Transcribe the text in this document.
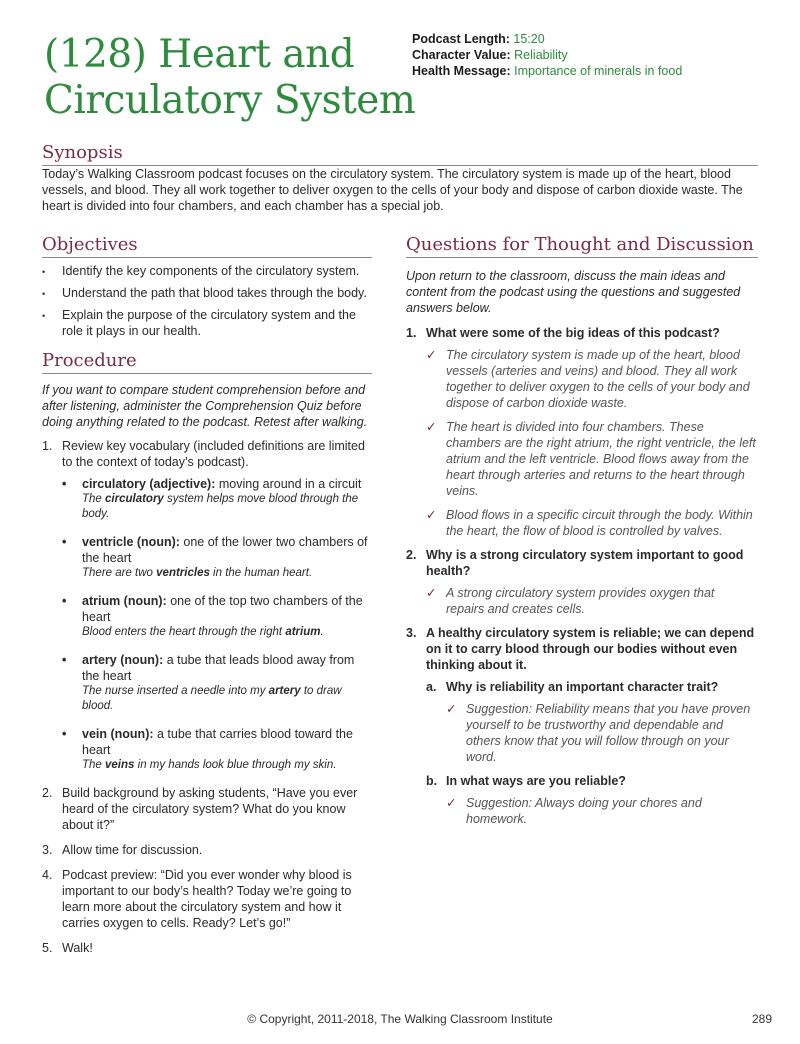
(128) Heart and
Circulatory System
Podcast Length: 15:20
Character Value: Reliability
Health Message: Importance of minerals in food
Synopsis

Today’s Walking Classroom podcast focuses on the circulatory system. The circulatory system is made up of the heart, blood vessels, and blood. They all work together to deliver oxygen to the cells of your body and dispose of carbon dioxide waste. The heart is divided into four chambers, and each chamber has a special job.

Objectives
• Identify the key components of the circulatory system.
• Understand the path that blood takes through the body.
• Explain the purpose of the circulatory system and the role it plays in our health.
Procedure

If you want to compare student comprehension before and after listening, administer the Comprehension Quiz before doing anything related to the podcast. Retest after walking.

1. Review key vocabulary (included definitions are limited to the context of today’s podcast).
• circulatory (adjective): moving around in a circuit
The circulatory system helps move blood through the body.
• ventricle (noun): one of the lower two chambers of the heart
There are two ventricles in the human heart.
• atrium (noun): one of the top two chambers of the heart
Blood enters the heart through the right atrium.
• artery (noun): a tube that leads blood away from the heart
The nurse inserted a needle into my artery to draw blood.
• vein (noun): a tube that carries blood toward the heart
The veins in my hands look blue through my skin.
2. Build background by asking students, “Have you ever heard of the circulatory system? What do you know about it?”
3. Allow time for discussion.
4. Podcast preview: “Did you ever wonder why blood is important to our body’s health? Today we’re going to learn more about the circulatory system and how it carries oxygen to cells. Ready? Let’s go!”
5. Walk!
Questions for Thought and Discussion

Upon return to the classroom, discuss the main ideas and content from the podcast using the questions and suggested answers below.

1. What were some of the big ideas of this podcast?
✓ The circulatory system is made up of the heart, blood vessels (arteries and veins) and blood. They all work together to deliver oxygen to the cells of your body and dispose of carbon dioxide waste.
✓ The heart is divided into four chambers. These chambers are the right atrium, the right ventricle, the left atrium and the left ventricle. Blood flows away from the heart through arteries and returns to the heart through veins.
✓ Blood flows in a specific circuit through the body. Within the heart, the flow of blood is controlled by valves.
2. Why is a strong circulatory system important to good health?
✓ A strong circulatory system provides oxygen that repairs and creates cells.
3. A healthy circulatory system is reliable; we can depend on it to carry blood through our bodies without even thinking about it.
a. Why is reliability an important character trait?
✓ Suggestion: Reliability means that you have proven yourself to be trustworthy and dependable and others know that you will follow through on your word.
b. In what ways are you reliable?
✓ Suggestion: Always doing your chores and homework.
© Copyright, 2011-2018, The Walking Classroom Institute	289
